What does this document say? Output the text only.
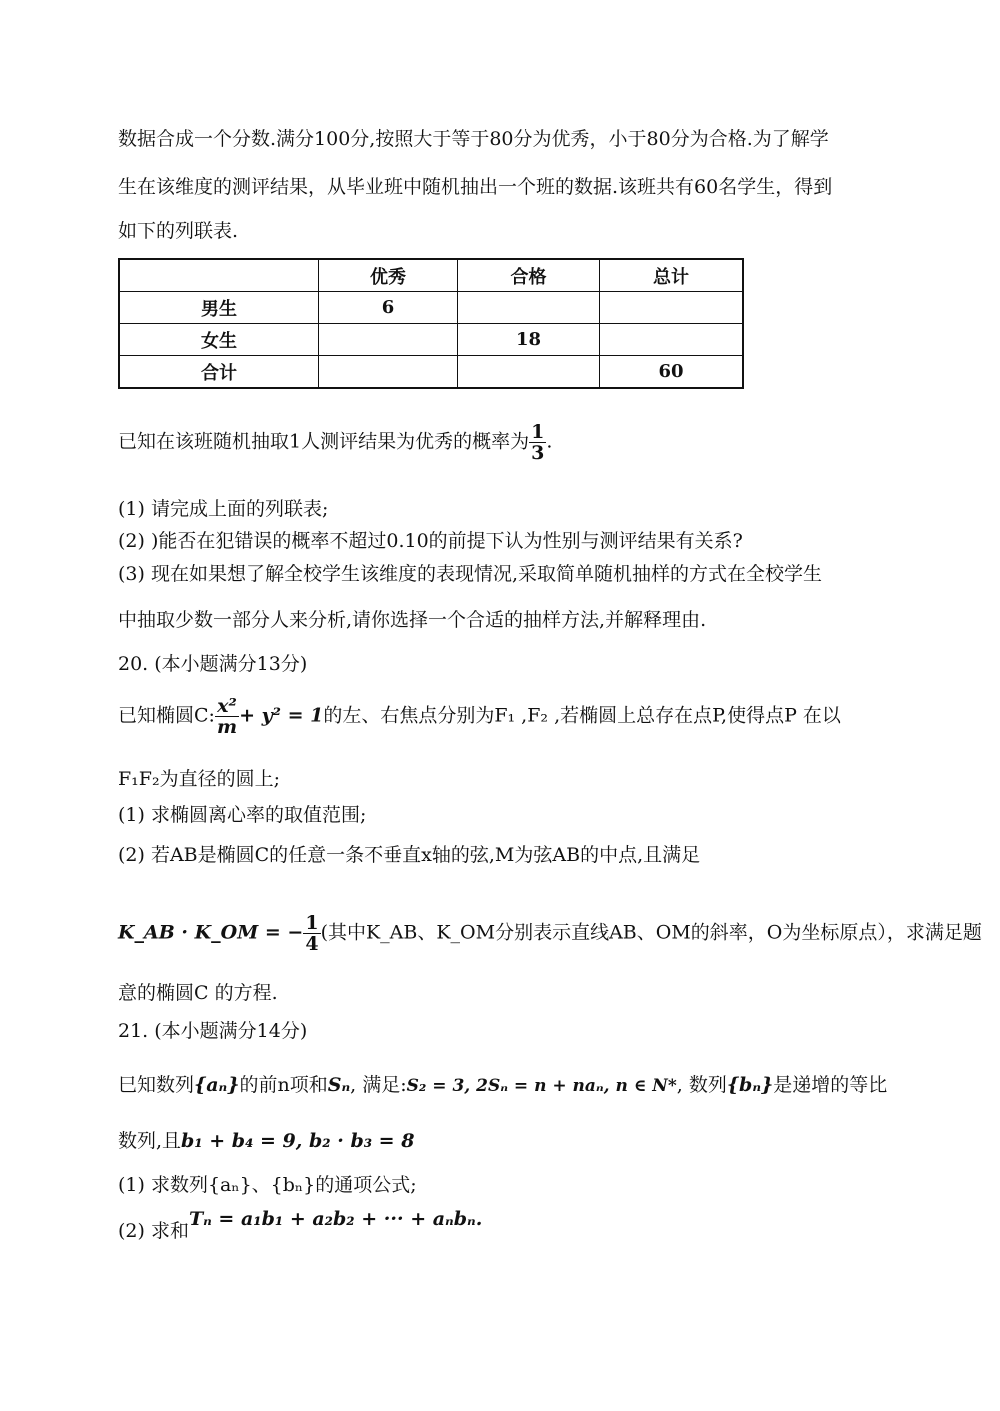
数据合成一个分数.满分100分,按照大于等于80分为优秀，小于80分为合格.为了解学
生在该维度的测评结果，从毕业班中随机抽出一个班的数据.该班共有60名学生，得到
如下的列联表.
	优秀	合格	总计
男生	6		
女生		18	
合计			60
已知在该班随机抽取1人测评结果为优秀的概率为 $\frac{1}{3}$ .
(1) 请完成上面的列联表;
(2) )能否在犯错误的概率不超过0.10的前提下认为性别与测评结果有关系?
(3) 现在如果想了解全校学生该维度的表现情况,采取简单随机抽样的方式在全校学生
中抽取少数一部分人来分析,请你选择一个合适的抽样方法,并解释理由.
20. (本小题满分13分)
已知椭圆C: $\frac{\text{x²}}{m} + y^2 = 1$的左、右焦点分别为F₁ ,F₂ ,若椭圆上总存在点P,使得点P 在以
F₁F₂为直径的圆上;
(1) 求椭圆离心率的取值范围;
(2) 若AB是椭圆C的任意一条不垂直x轴的弦,M为弦AB的中点,且满足
K_AB · K_OM = − $\frac{1}{4}$ (其中K_AB、K_OM分别表示直线AB、OM的斜率，O为坐标原点），求满足题
意的椭圆C 的方程.
21. (本小题满分14分)
巳知数列{aₙ}的前n项和Sₙ, 满足:S₂ = 3, 2Sₙ = n + naₙ, n ∈ N*, 数列{bₙ}是递增的等比
数列,且b₁ + b₄ = 9, b₂ · b₃ = 8
(1) 求数列{aₙ}、{bₙ}的通项公式;
(2) 求和Tₙ = a₁b₁ + a₂b₂ + ··· + aₙbₙ.
